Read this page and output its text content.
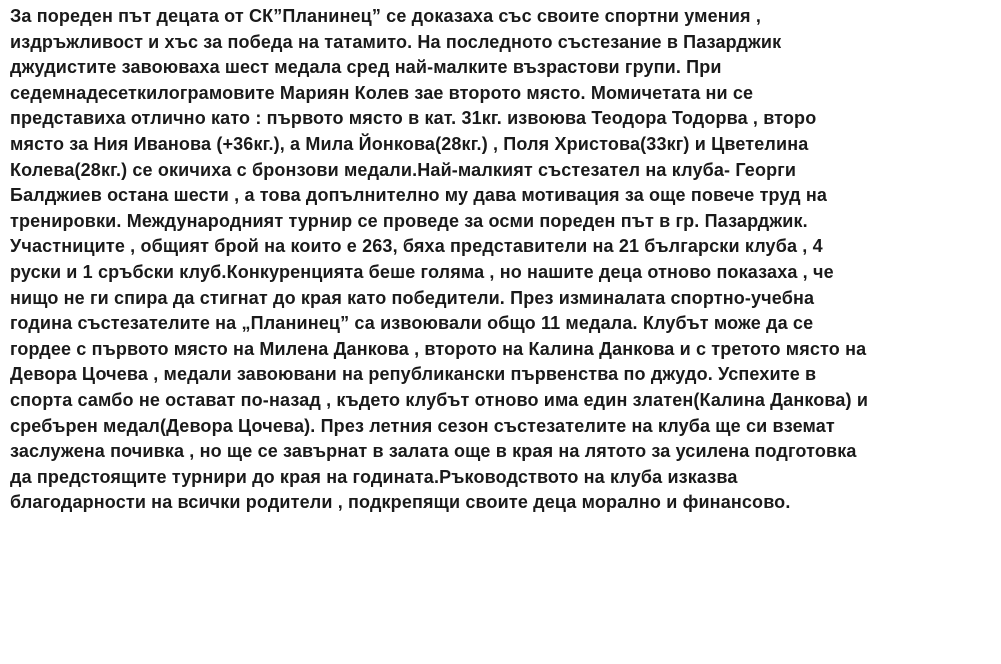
За пореден път децата от СК”Планинец” се доказаха със своите спортни умения ,
издръжливост и хъс за победа на татамито. На последното състезание в Пазарджик
джудистите завоюваха шест медала сред най-малките възрастови групи. При
седемнадесеткилограмовите Мариян Колев зае второто място. Момичетата ни се
представиха отлично като : първото място в кат. 31кг. извоюва Теодора Тодорва , второ
място за Ния Иванова (+36кг.), а Мила Йонкова(28кг.) , Поля Христова(33кг) и Цветелина
Колева(28кг.) се окичиха с бронзови медали.Най-малкият състезател на клуба- Георги
Балджиев остана шести , а това допълнително му дава мотивация за още повече труд на
тренировки. Международният турнир се проведе за осми пореден път в гр. Пазарджик.
Участниците , общият брой на които е 263, бяха представители на 21 български клуба , 4
руски и 1 сръбски клуб.Конкуренцията беше голяма , но нашите деца отново показаха , че
нищо не ги спира да стигнат до края като победители. През изминалата спортно-учебна
година състезателите на „Планинец” са извоювали общо 11 медала. Клубът може да се
гордее с първото място на Милена Данкова , второто на Калина Данкова и с третото място на
Девора Цочева , медали завоювани на републикански първенства по джудо. Успехите в
спорта самбо не остават по-назад , където клубът отново има един златен(Калина Данкова) и
сребърен медал(Девора Цочева). През летния сезон състезателите на клуба ще си вземат
заслужена почивка , но ще се завърнат в залата още в края на лятото за усилена подготовка
да предстоящите турнири до края на годината.Ръководството на клуба изказва
благодарности на всички родители , подкрепящи своите деца морално и финансово.
